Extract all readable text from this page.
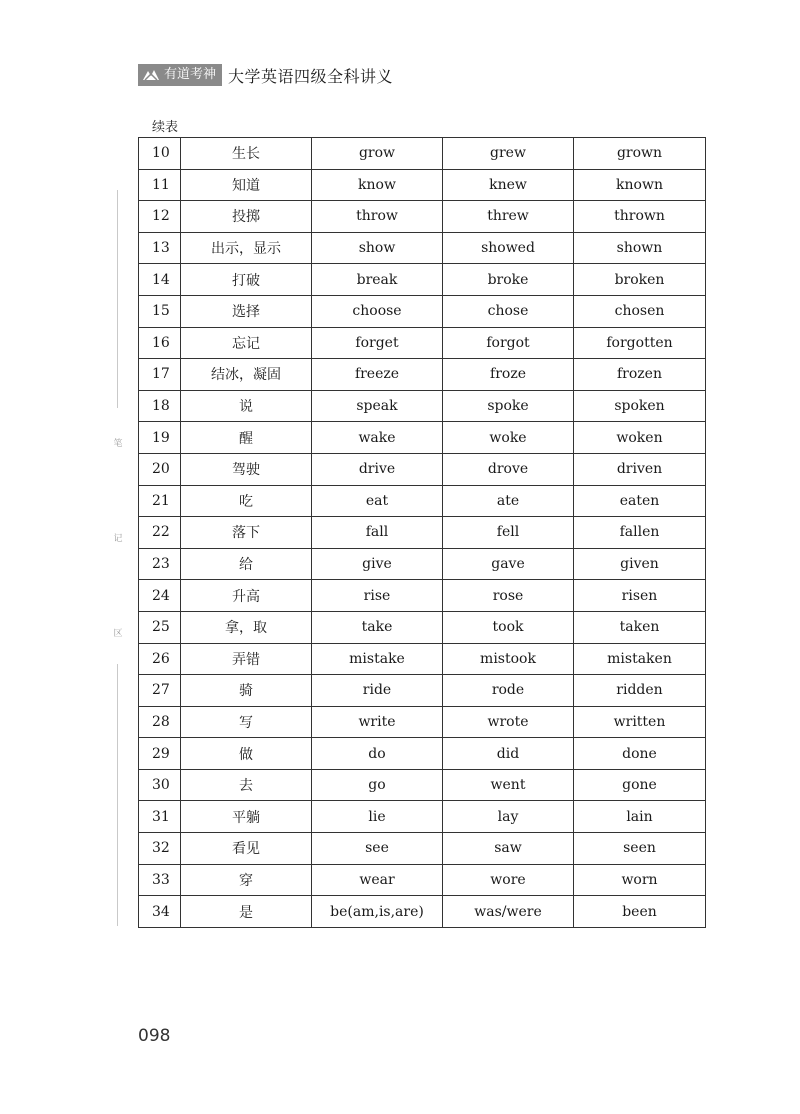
有道考神 大学英语四级全科讲义
笔
记
区
续表
10	生长	grow	grew	grown
11	知道	know	knew	known
12	投掷	throw	threw	thrown
13	出示，显示	show	showed	shown
14	打破	break	broke	broken
15	选择	choose	chose	chosen
16	忘记	forget	forgot	forgotten
17	结冰，凝固	freeze	froze	frozen
18	说	speak	spoke	spoken
19	醒	wake	woke	woken
20	驾驶	drive	drove	driven
21	吃	eat	ate	eaten
22	落下	fall	fell	fallen
23	给	give	gave	given
24	升高	rise	rose	risen
25	拿，取	take	took	taken
26	弄错	mistake	mistook	mistaken
27	骑	ride	rode	ridden
28	写	write	wrote	written
29	做	do	did	done
30	去	go	went	gone
31	平躺	lie	lay	lain
32	看见	see	saw	seen
33	穿	wear	wore	worn
34	是	be(am,is,are)	was/were	been
098
